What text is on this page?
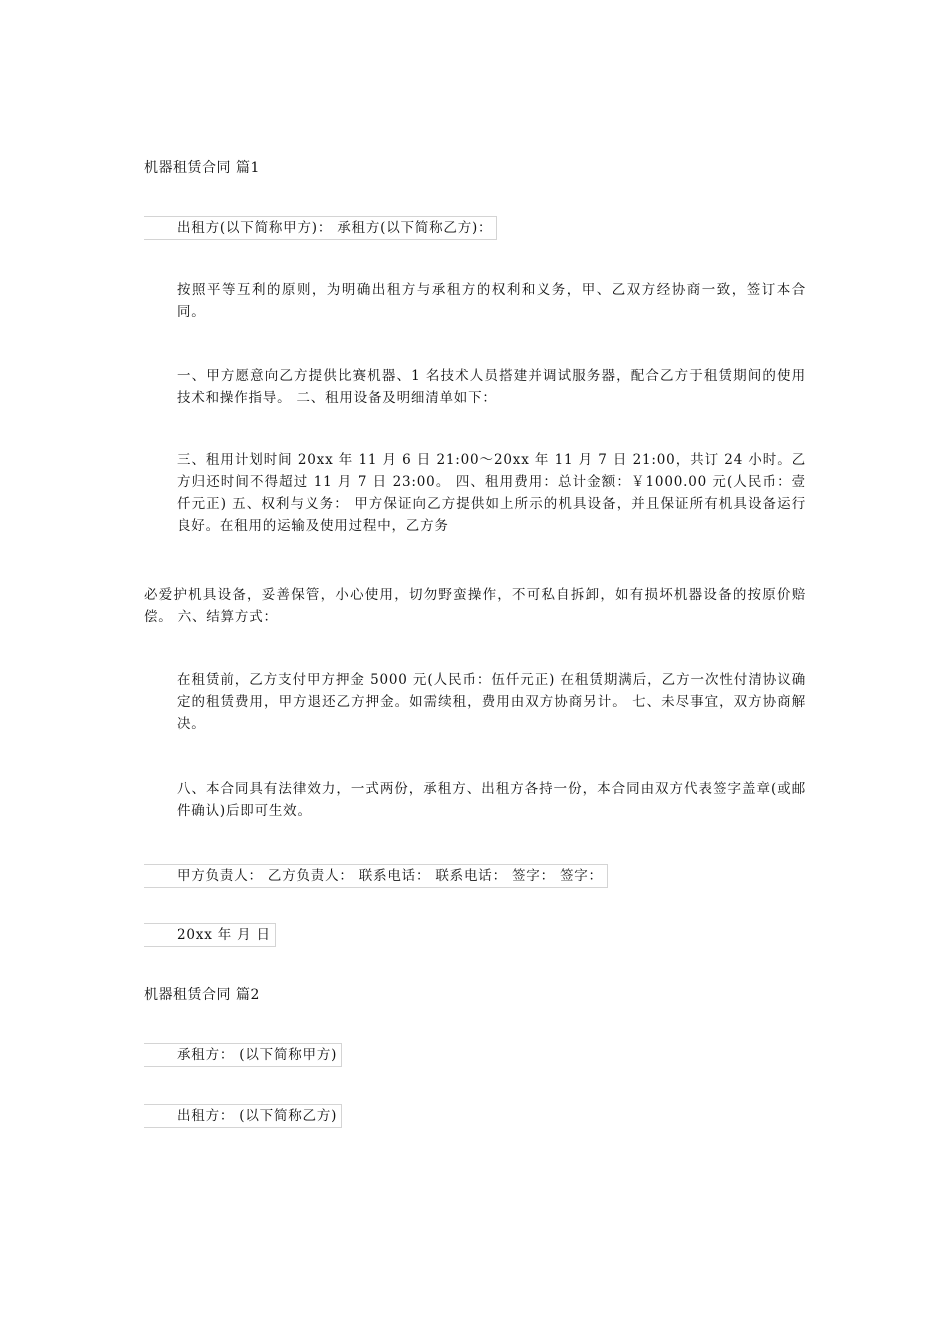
机器租赁合同 篇1
出租方(以下简称甲方)： 承租方(以下简称乙方)：

按照平等互利的原则，为明确出租方与承租方的权利和义务，甲、乙双方经协商一致，签订本合同。

一、甲方愿意向乙方提供比赛机器、1 名技术人员搭建并调试服务器，配合乙方于租赁期间的使用技术和操作指导。 二、租用设备及明细清单如下：

三、租用计划时间 20xx 年 11 月 6 日 21:00～20xx 年 11 月 7 日 21:00，共订 24 小时。乙方归还时间不得超过 11 月 7 日 23:00。 四、租用费用：总计金额：￥1000.00 元(人民币：壹仟元正) 五、权利与义务： 甲方保证向乙方提供如上所示的机具设备，并且保证所有机具设备运行良好。在租用的运输及使用过程中，乙方务

必爱护机具设备，妥善保管，小心使用，切勿野蛮操作，不可私自拆卸，如有损坏机器设备的按原价赔偿。 六、结算方式：

在租赁前，乙方支付甲方押金 5000 元(人民币：伍仟元正) 在租赁期满后，乙方一次性付清协议确定的租赁费用，甲方退还乙方押金。如需续租，费用由双方协商另计。 七、未尽事宜，双方协商解决。

八、本合同具有法律效力，一式两份，承租方、出租方各持一份，本合同由双方代表签字盖章(或邮件确认)后即可生效。

甲方负责人： 乙方负责人： 联系电话： 联系电话： 签字： 签字：
20xx 年 月 日
机器租赁合同 篇2
承租方： (以下简称甲方)
出租方： (以下简称乙方)
